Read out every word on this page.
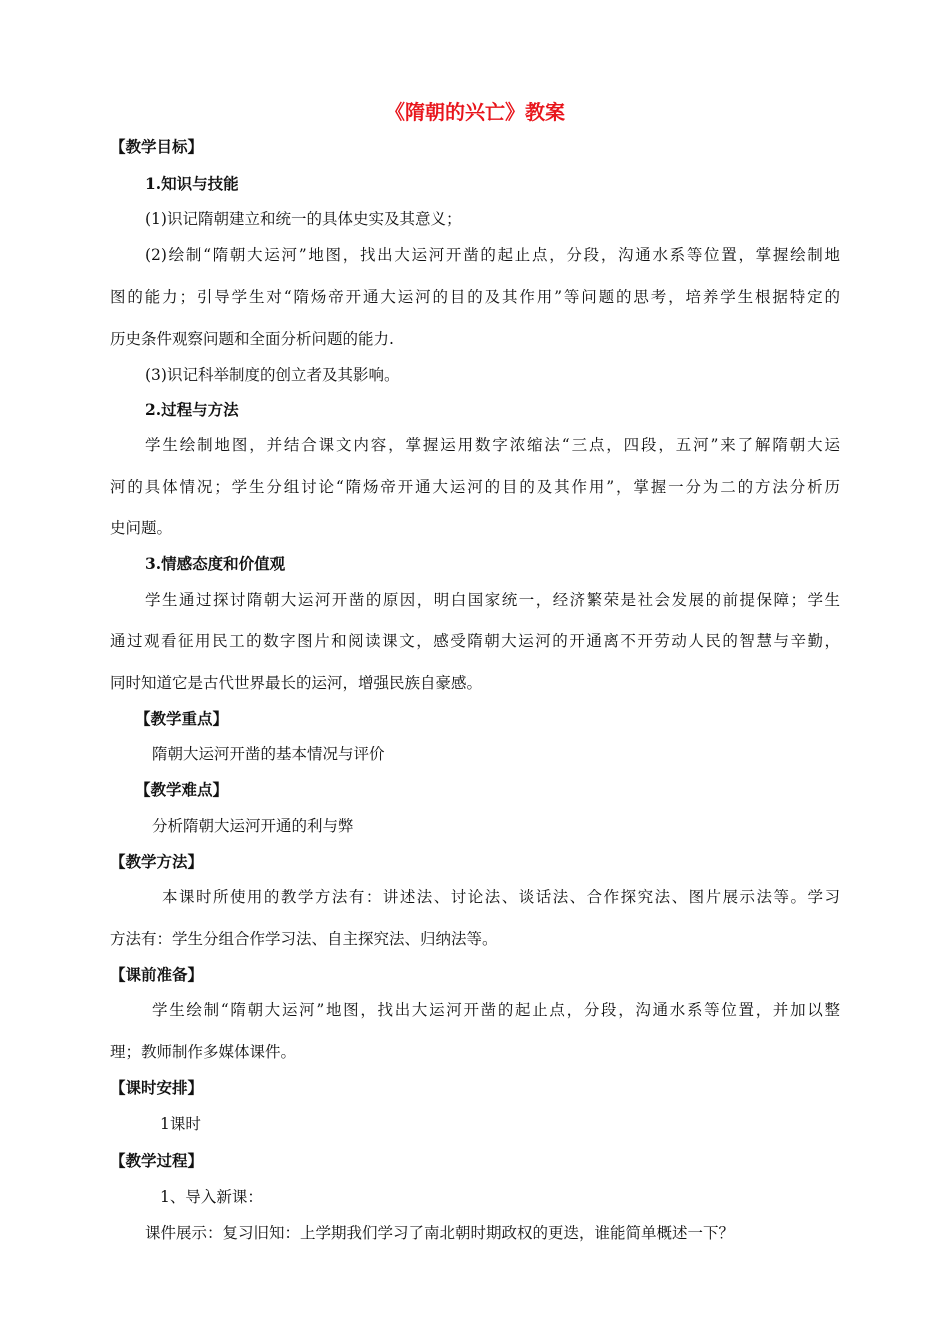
《隋朝的兴亡》教案
【教学目标】
1.知识与技能
(1)识记隋朝建立和统一的具体史实及其意义；
(2)绘制“隋朝大运河”地图，找出大运河开凿的起止点，分段，沟通水系等位置，掌握绘制地
图的能力；引导学生对“隋炀帝开通大运河的目的及其作用”等问题的思考，培养学生根据特定的
历史条件观察问题和全面分析问题的能力.
(3)识记科举制度的创立者及其影响。
2.过程与方法
学生绘制地图，并结合课文内容，掌握运用数字浓缩法“三点，四段，五河”来了解隋朝大运
河的具体情况；学生分组讨论“隋炀帝开通大运河的目的及其作用”，掌握一分为二的方法分析历
史问题。
3.情感态度和价值观
学生通过探讨隋朝大运河开凿的原因，明白国家统一，经济繁荣是社会发展的前提保障；学生
通过观看征用民工的数字图片和阅读课文，感受隋朝大运河的开通离不开劳动人民的智慧与辛勤，
同时知道它是古代世界最长的运河，增强民族自豪感。
【教学重点】
隋朝大运河开凿的基本情况与评价
【教学难点】
分析隋朝大运河开通的利与弊
【教学方法】
本课时所使用的教学方法有：讲述法、讨论法、谈话法、合作探究法、图片展示法等。学习
方法有：学生分组合作学习法、自主探究法、归纳法等。
【课前准备】
学生绘制“隋朝大运河”地图，找出大运河开凿的起止点，分段，沟通水系等位置，并加以整
理；教师制作多媒体课件。
【课时安排】
1课时
【教学过程】
1、导入新课：
课件展示：复习旧知：上学期我们学习了南北朝时期政权的更迭，谁能简单概述一下？
